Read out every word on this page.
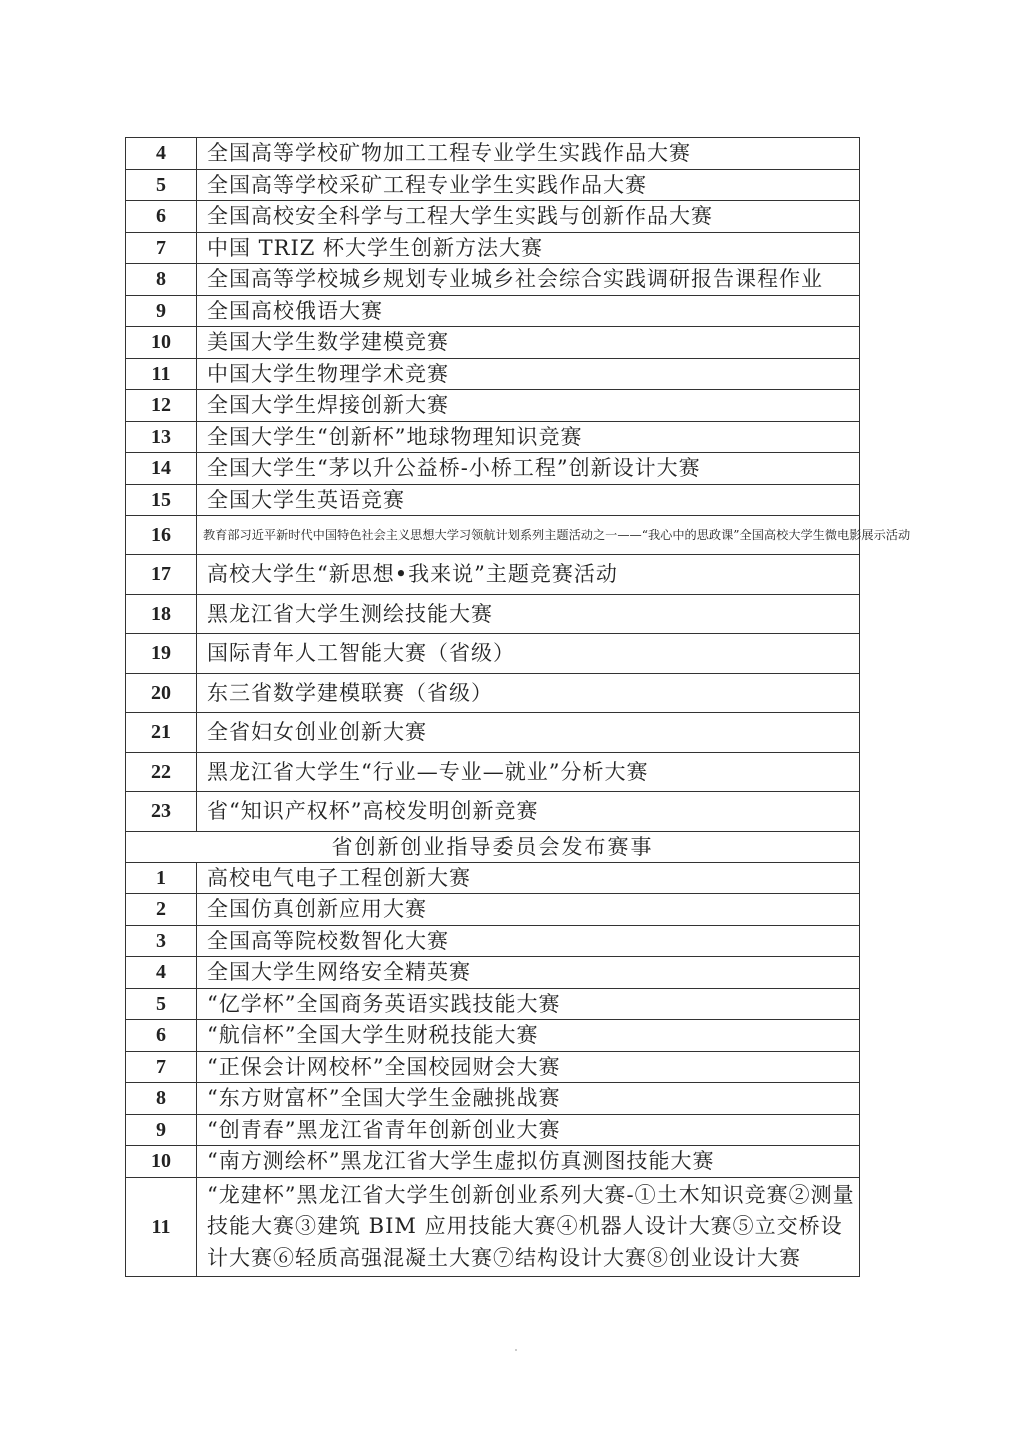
4	全国高等学校矿物加工工程专业学生实践作品大赛
5	全国高等学校采矿工程专业学生实践作品大赛
6	全国高校安全科学与工程大学生实践与创新作品大赛
7	中国 TRIZ 杯大学生创新方法大赛
8	全国高等学校城乡规划专业城乡社会综合实践调研报告课程作业
9	全国高校俄语大赛
10	美国大学生数学建模竞赛
11	中国大学生物理学术竞赛
12	全国大学生焊接创新大赛
13	全国大学生“创新杯”地球物理知识竞赛
14	全国大学生“茅以升公益桥-小桥工程”创新设计大赛
15	全国大学生英语竞赛
16	教育部习近平新时代中国特色社会主义思想大学习领航计划系列主题活动之一——“我心中的思政课”全国高校大学生微电影展示活动
17	高校大学生“新思想•我来说”主题竞赛活动
18	黑龙江省大学生测绘技能大赛
19	国际青年人工智能大赛（省级）
20	东三省数学建模联赛（省级）
21	全省妇女创业创新大赛
22	黑龙江省大学生“行业—专业—就业”分析大赛
23	省“知识产权杯”高校发明创新竞赛
省创新创业指导委员会发布赛事	
1	高校电气电子工程创新大赛
2	全国仿真创新应用大赛
3	全国高等院校数智化大赛
4	全国大学生网络安全精英赛
5	“亿学杯”全国商务英语实践技能大赛
6	“航信杯”全国大学生财税技能大赛
7	“正保会计网校杯”全国校园财会大赛
8	“东方财富杯”全国大学生金融挑战赛
9	“创青春”黑龙江省青年创新创业大赛
10	“南方测绘杯”黑龙江省大学生虚拟仿真测图技能大赛
11	“龙建杯”黑龙江省大学生创新创业系列大赛-①土木知识竞赛②测量技能大赛③建筑 BIM 应用技能大赛④机器人设计大赛⑤立交桥设计大赛⑥轻质高强混凝土大赛⑦结构设计大赛⑧创业设计大赛
